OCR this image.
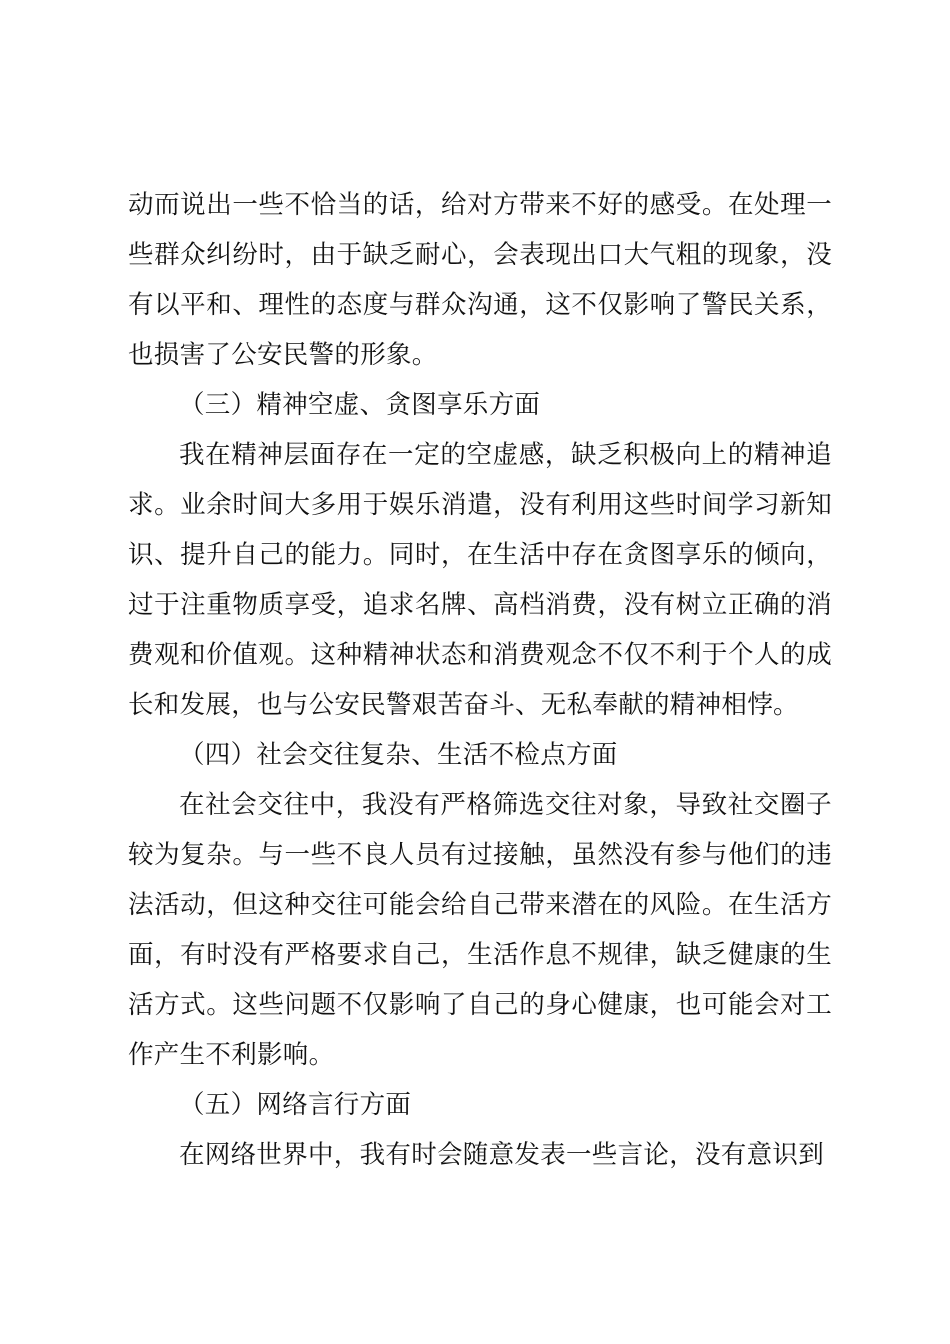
动而说出一些不恰当的话，给对方带来不好的感受。在处理一些群众纠纷时，由于缺乏耐心，会表现出口大气粗的现象，没有以平和、理性的态度与群众沟通，这不仅影响了警民关系，也损害了公安民警的形象。

（三）精神空虚、贪图享乐方面

我在精神层面存在一定的空虚感，缺乏积极向上的精神追求。业余时间大多用于娱乐消遣，没有利用这些时间学习新知识、提升自己的能力。同时，在生活中存在贪图享乐的倾向，过于注重物质享受，追求名牌、高档消费，没有树立正确的消费观和价值观。这种精神状态和消费观念不仅不利于个人的成长和发展，也与公安民警艰苦奋斗、无私奉献的精神相悖。

（四）社会交往复杂、生活不检点方面

在社会交往中，我没有严格筛选交往对象，导致社交圈子较为复杂。与一些不良人员有过接触，虽然没有参与他们的违法活动，但这种交往可能会给自己带来潜在的风险。在生活方面，有时没有严格要求自己，生活作息不规律，缺乏健康的生活方式。这些问题不仅影响了自己的身心健康，也可能会对工作产生不利影响。

（五）网络言行方面

在网络世界中，我有时会随意发表一些言论，没有意识到
